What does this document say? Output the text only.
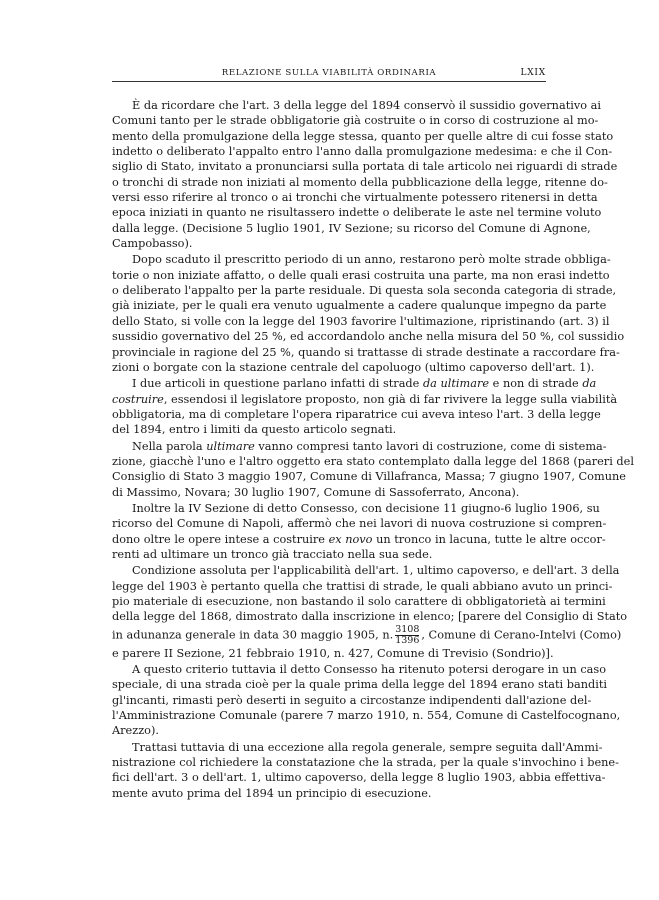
RELAZIONE SULLA VIABILITÀ ORDINARIA	LXIX
È da ricordare che l'art. 3 della legge del 1894 conservò il sussidio governativo ai
Comuni tanto per le strade obbligatorie già costruite o in corso di costruzione al mo-
mento della promulgazione della legge stessa, quanto per quelle altre di cui fosse stato
indetto o deliberato l'appalto entro l'anno dalla promulgazione medesima: e che il Con-
siglio di Stato, invitato a pronunciarsi sulla portata di tale articolo nei riguardi di strade
o tronchi di strade non iniziati al momento della pubblicazione della legge, ritenne do-
versi esso riferire al tronco o ai tronchi che virtualmente potessero ritenersi in detta
epoca iniziati in quanto ne risultassero indette o deliberate le aste nel termine voluto
dalla legge. (Decisione 5 luglio 1901, IV Sezione; su ricorso del Comune di Agnone,
Campobasso).
Dopo scaduto il prescritto periodo di un anno, restarono però molte strade obbliga-
torie o non iniziate affatto, o delle quali erasi costruita una parte, ma non erasi indetto
o deliberato l'appalto per la parte residuale. Di questa sola seconda categoria di strade,
già iniziate, per le quali era venuto ugualmente a cadere qualunque impegno da parte
dello Stato, si volle con la legge del 1903 favorire l'ultimazione, ripristinando (art. 3) il
sussidio governativo del 25 %, ed accordandolo anche nella misura del 50 %, col sussidio
provinciale in ragione del 25 %, quando si trattasse di strade destinate a raccordare fra-
zioni o borgate con la stazione centrale del capoluogo (ultimo capoverso dell'art. 1).
I due articoli in questione parlano infatti di strade da ultimare e non di strade da
costruire, essendosi il legislatore proposto, non già di far rivivere la legge sulla viabilità
obbligatoria, ma di completare l'opera riparatrice cui aveva inteso l'art. 3 della legge
del 1894, entro i limiti da questo articolo segnati.
Nella parola ultimare vanno compresi tanto lavori di costruzione, come di sistema-
zione, giacchè l'uno e l'altro oggetto era stato contemplato dalla legge del 1868 (pareri del
Consiglio di Stato 3 maggio 1907, Comune di Villafranca, Massa; 7 giugno 1907, Comune
di Massimo, Novara; 30 luglio 1907, Comune di Sassoferrato, Ancona).
Inoltre la IV Sezione di detto Consesso, con decisione 11 giugno-6 luglio 1906, su
ricorso del Comune di Napoli, affermò che nei lavori di nuova costruzione si compren-
dono oltre le opere intese a costruire ex novo un tronco in lacuna, tutte le altre occor-
renti ad ultimare un tronco già tracciato nella sua sede.
Condizione assoluta per l'applicabilità dell'art. 1, ultimo capoverso, e dell'art. 3 della
legge del 1903 è pertanto quella che trattisi di strade, le quali abbiano avuto un princi-
pio materiale di esecuzione, non bastando il solo carattere di obbligatorietà ai termini
della legge del 1868, dimostrato dalla inscrizione in elenco; [parere del Consiglio di Stato
in adunanza generale in data 30 maggio 1905, n. $\frac{3108}{1396}$ , Comune di Cerano-Intelvi (Como)
e parere II Sezione, 21 febbraio 1910, n. 427, Comune di Trevisio (Sondrio)].
A questo criterio tuttavia il detto Consesso ha ritenuto potersi derogare in un caso
speciale, di una strada cioè per la quale prima della legge del 1894 erano stati banditi
gl'incanti, rimasti però deserti in seguito a circostanze indipendenti dall'azione del-
l'Amministrazione Comunale (parere 7 marzo 1910, n. 554, Comune di Castelfocognano,
Arezzo).
Trattasi tuttavia di una eccezione alla regola generale, sempre seguita dall'Ammi-
nistrazione col richiedere la constatazione che la strada, per la quale s'invochino i bene-
fici dell'art. 3 o dell'art. 1, ultimo capoverso, della legge 8 luglio 1903, abbia effettiva-
mente avuto prima del 1894 un principio di esecuzione.
